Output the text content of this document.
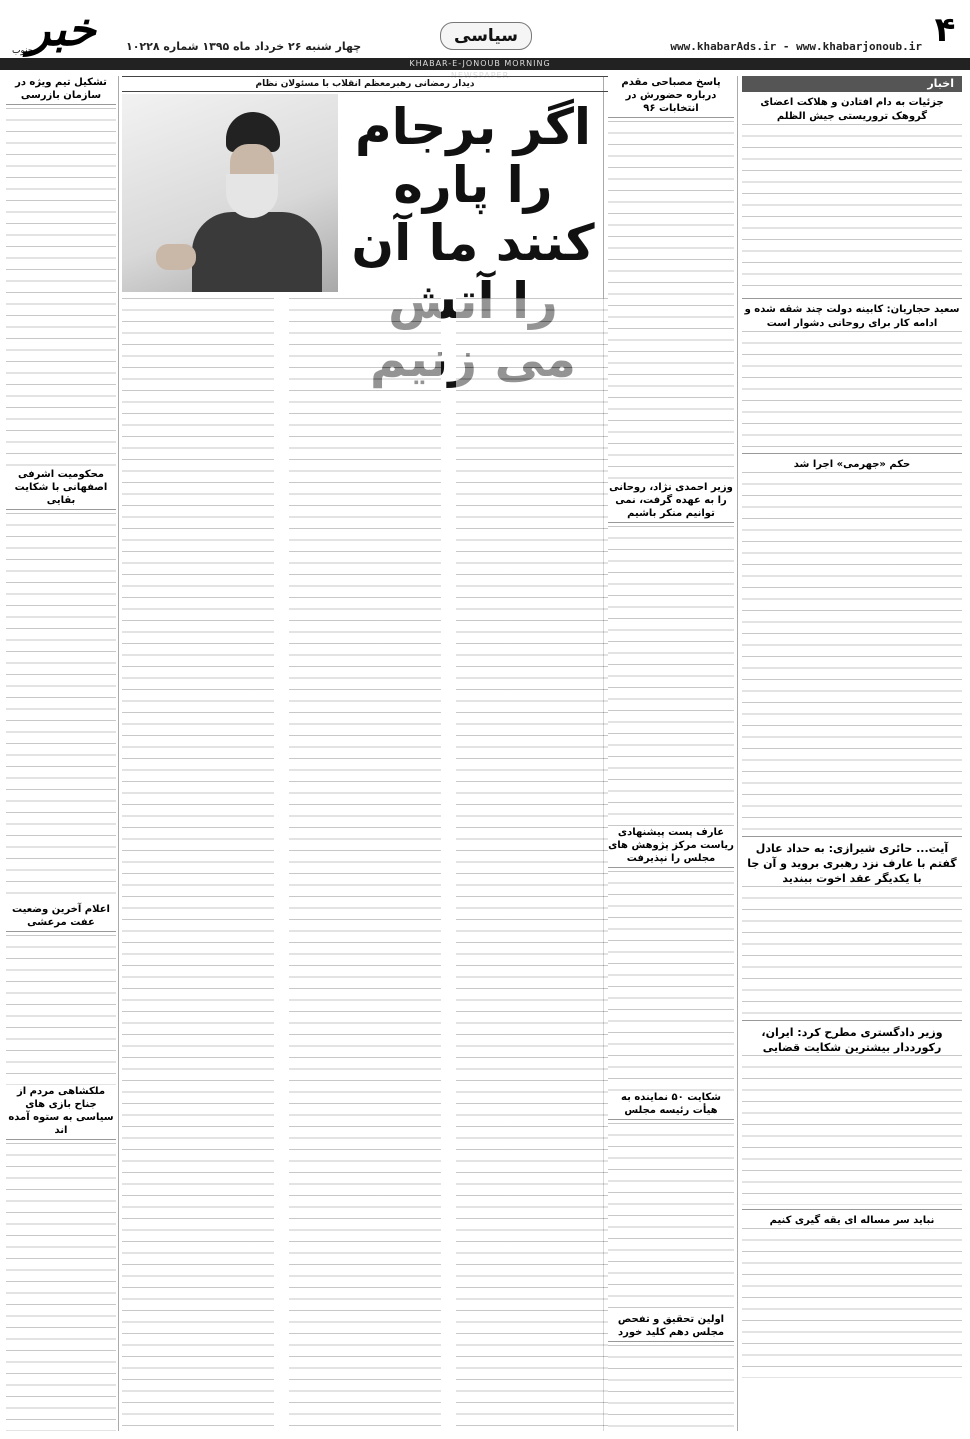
۴
www.khabarAds.ir - www.khabarjonoub.ir
سیاسی
چهار شنبه ۲۶ خرداد ماه ۱۳۹۵ شماره ۱۰۲۲۸
خبر
جنوب
KHABAR-E-JONOUB MORNING NEWSPAPER
اخبار
جزئیات به دام افتادن و هلاکت اعضای گروهک تروریستی جیش الظلم
سعید حجاریان: کابینه دولت چند شقه شده و ادامه کار برای روحانی دشوار است
حکم «جهرمی» اجرا شد
آیت... حائری شیرازی: به حداد عادل گفتم با عارف نزد رهبری بروید و آن جا با یکدیگر عقد اخوت ببندید
وزیر دادگستری مطرح کرد: ایران، رکورددار بیشترین شکایت قضایی
نباید سر مساله ای یقه گیری کنیم
پاسخ مصباحی مقدم درباره حضورش در انتخابات ۹۶
وزیر احمدی نژاد، روحانی را به عهده گرفت، نمی توانیم منکر باشیم
عارف پست پیشنهادی ریاست مرکز پژوهش های مجلس را نپذیرفت
شکایت ۵۰ نماینده به هیأت رئیسه مجلس
اولین تحقیق و تفحص مجلس دهم کلید خورد
دیدار رمضانی رهبرمعظم انقلاب با مسئولان نظام
اگر برجام را پاره کنند ما آن آتش
تشکیل تیم ویژه در سازمان بازرسی
محکومیت اشرفی اصفهانی با شکایت بقایی
اعلام آخرین وضعیت عفت مرعشی
ملکشاهی مردم از جناح بازی های سیاسی به ستوه آمده اند
